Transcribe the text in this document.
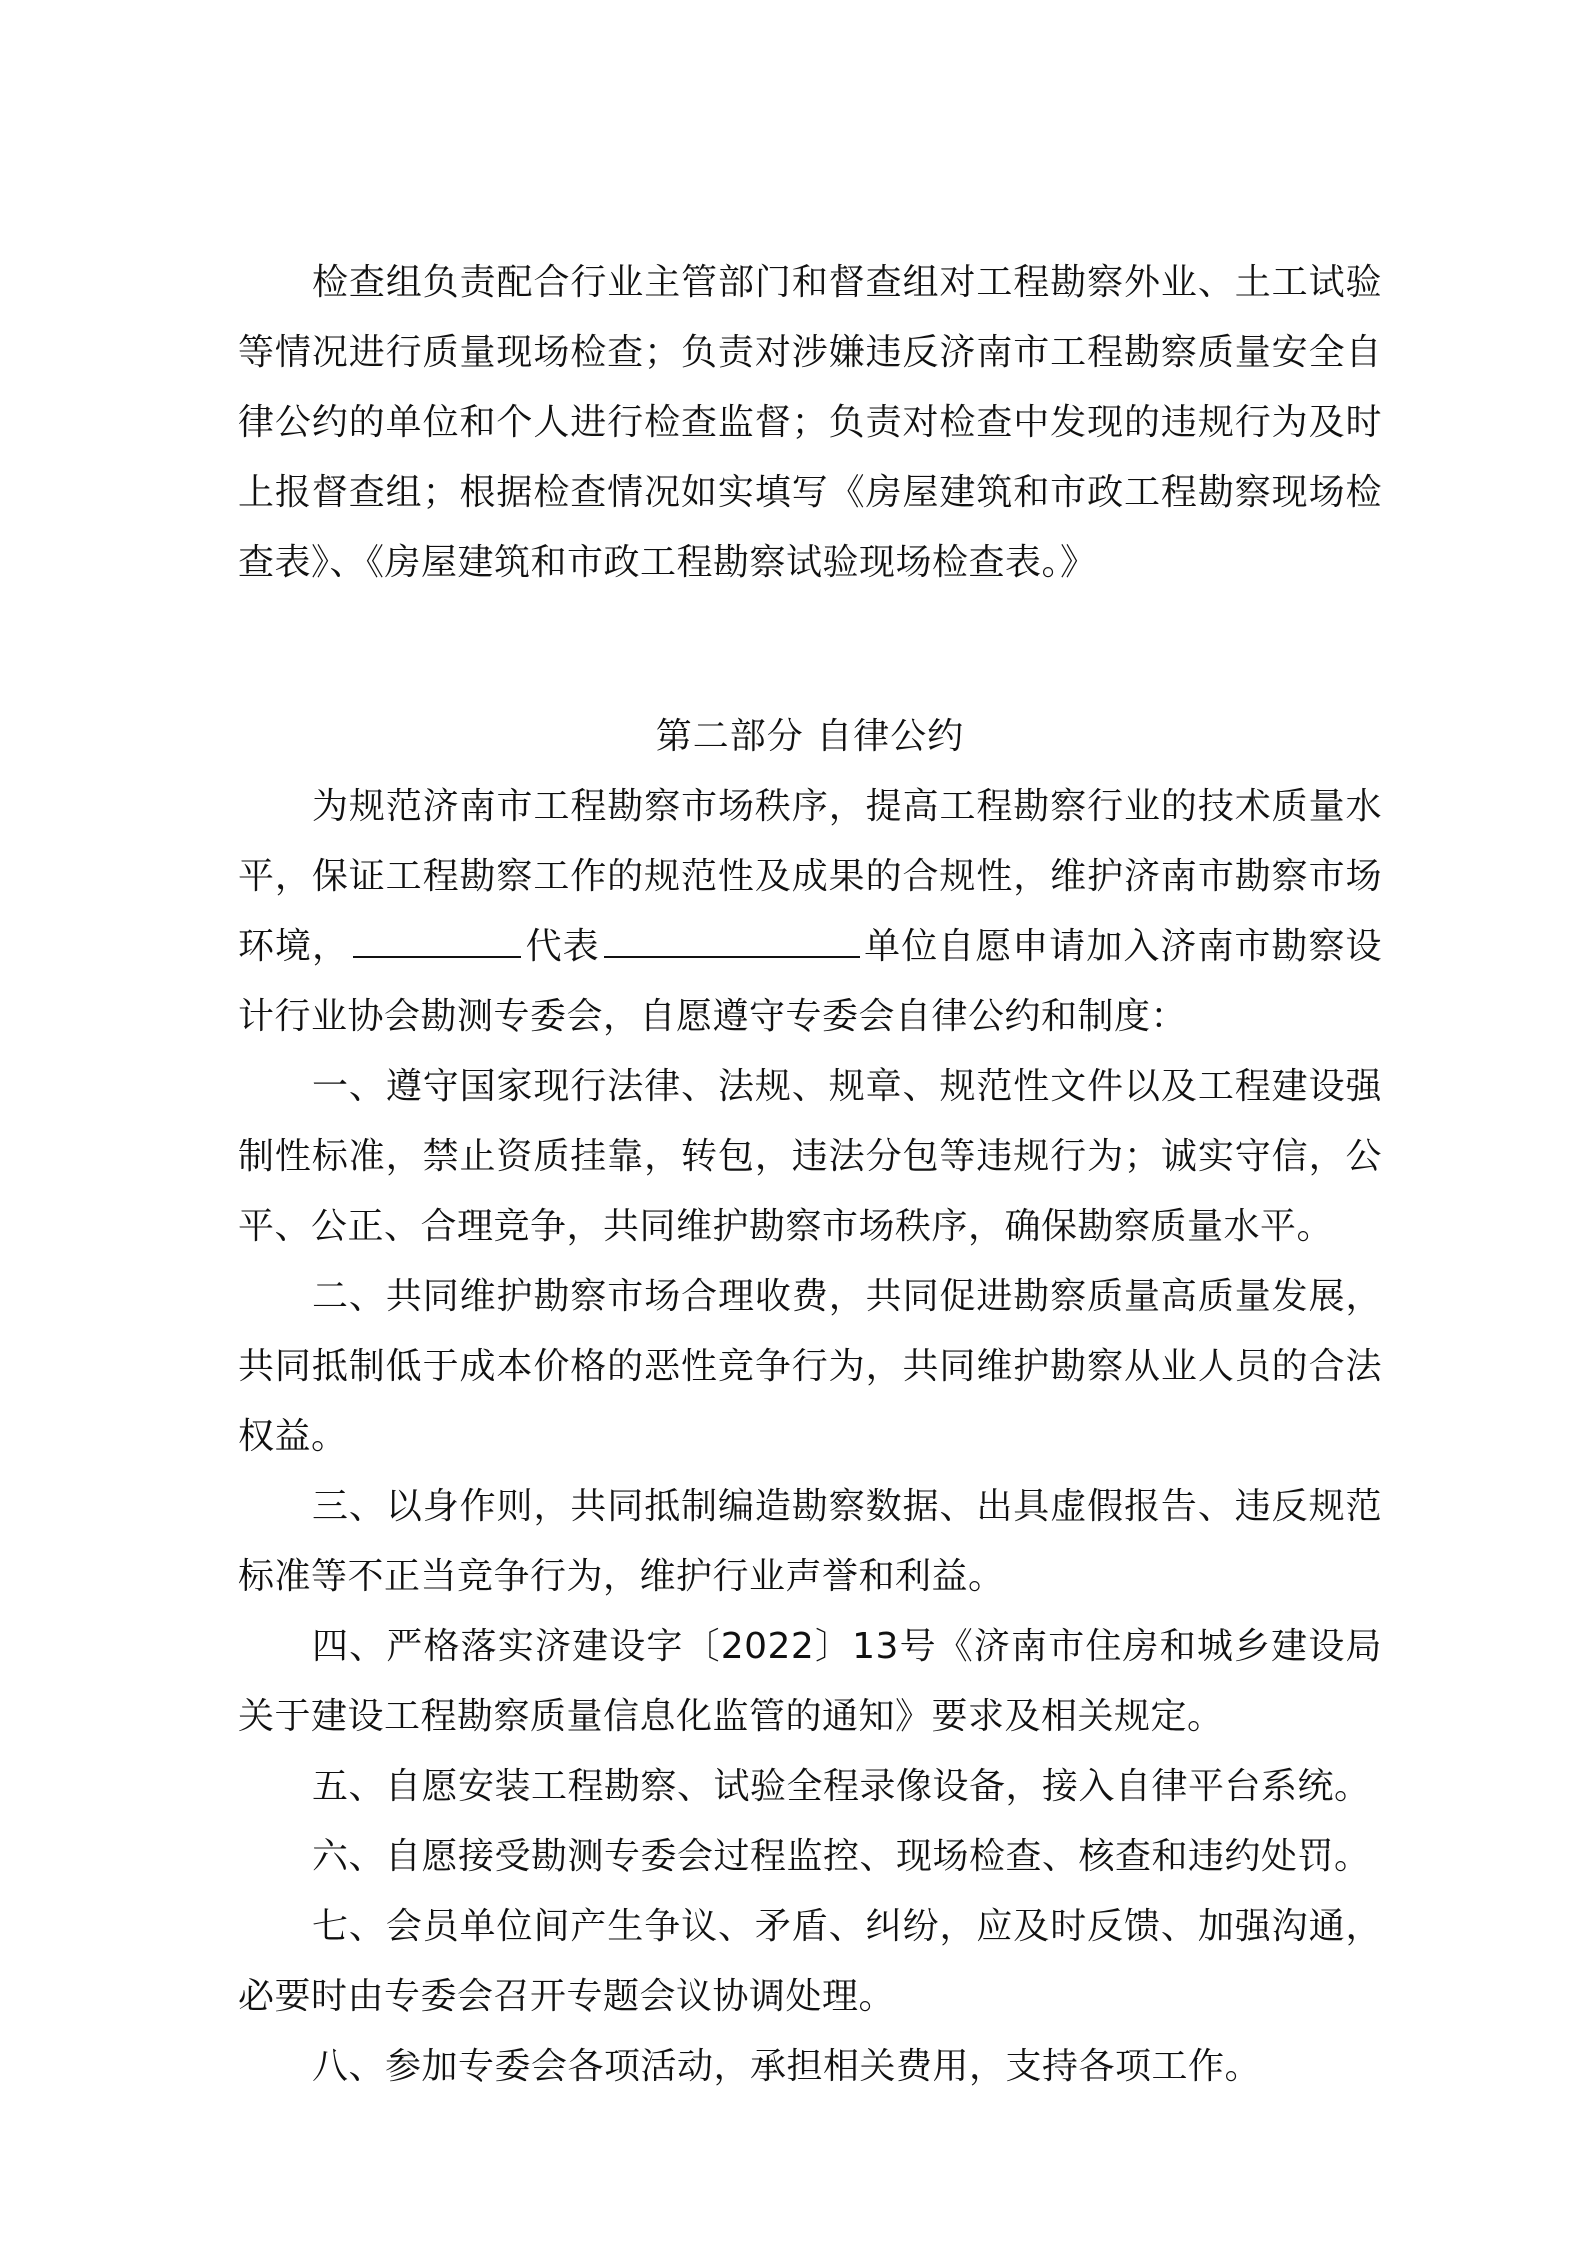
检查组负责配合行业主管部门和督查组对工程勘察外业、土工试验等情况进行质量现场检查；负责对涉嫌违反济南市工程勘察质量安全自律公约的单位和个人进行检查监督；负责对检查中发现的违规行为及时上报督查组；根据检查情况如实填写《房屋建筑和市政工程勘察现场检查表》、《房屋建筑和市政工程勘察试验现场检查表。》

第二部分 自律公约

为规范济南市工程勘察市场秩序，提高工程勘察行业的技术质量水平，保证工程勘察工作的规范性及成果的合规性，维护济南市勘察市场环境，	代表	单位自愿申请加入济南市勘察设计行业协会勘测专委会，自愿遵守专委会自律公约和制度：

一、遵守国家现行法律、法规、规章、规范性文件以及工程建设强制性标准，禁止资质挂靠，转包，违法分包等违规行为；诚实守信，公平、公正、合理竞争，共同维护勘察市场秩序，确保勘察质量水平。

二、共同维护勘察市场合理收费，共同促进勘察质量高质量发展，共同抵制低于成本价格的恶性竞争行为，共同维护勘察从业人员的合法权益。

三、以身作则，共同抵制编造勘察数据、出具虚假报告、违反规范标准等不正当竞争行为，维护行业声誉和利益。

四、严格落实济建设字〔2022〕13号《济南市住房和城乡建设局关于建设工程勘察质量信息化监管的通知》要求及相关规定。

五、自愿安装工程勘察、试验全程录像设备，接入自律平台系统。

六、自愿接受勘测专委会过程监控、现场检查、核查和违约处罚。

七、会员单位间产生争议、矛盾、纠纷，应及时反馈、加强沟通，必要时由专委会召开专题会议协调处理。

八、参加专委会各项活动，承担相关费用，支持各项工作。
